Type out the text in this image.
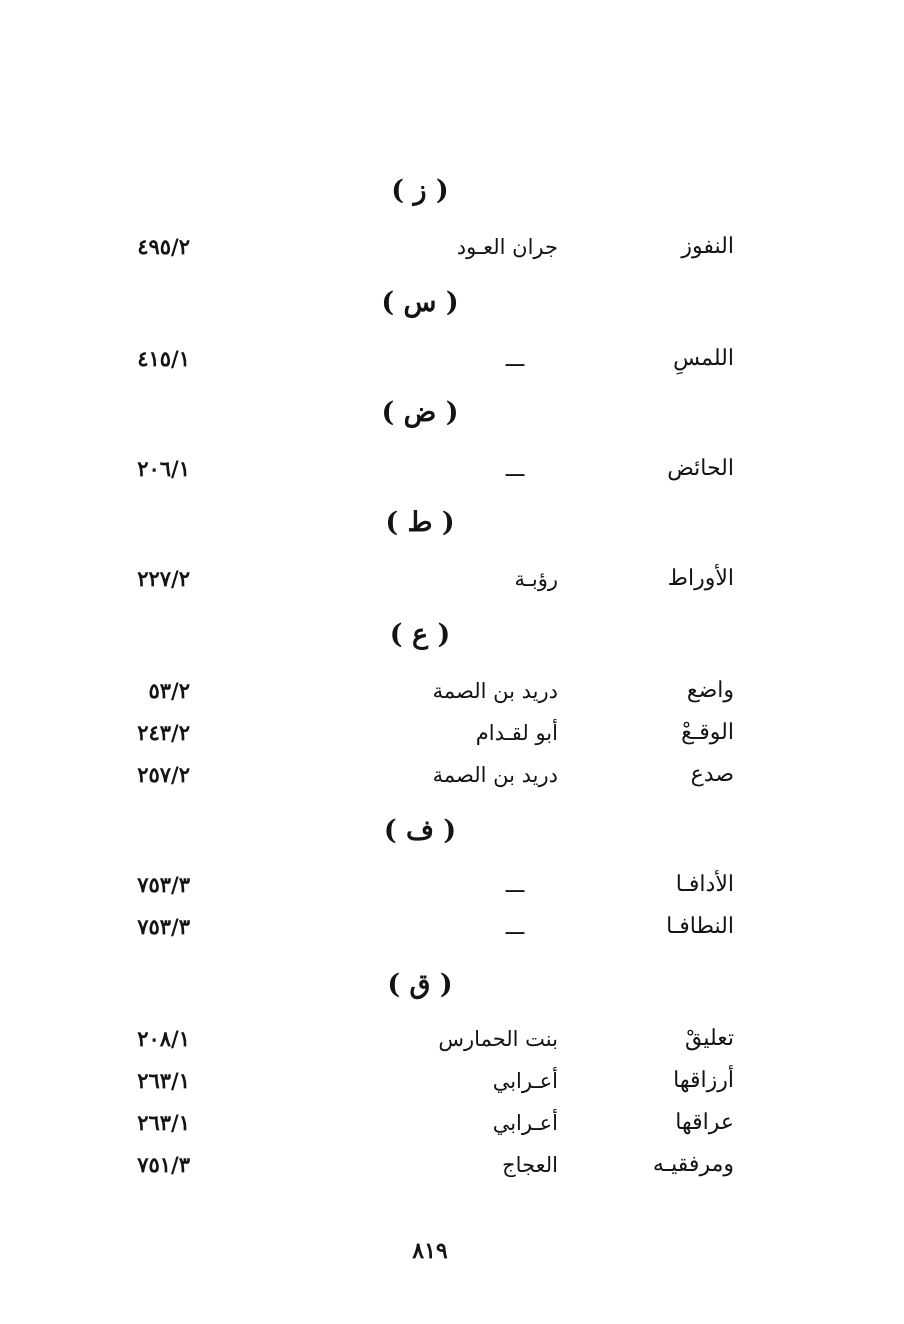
( ز )
النفوز
جران العـود
٤٩٥/٢
( س )
اللمسِ
ـــ
٤١٥/١
( ض )
الحائض
ـــ
٢٠٦/١
( ط )
الأوراط
رؤبـة
٢٢٧/٢
( ع )
واضع
دريد بن الصمة
٥٣/٢
الوقـعْ
أبو لقـدام
٢٤٣/٢
صدع
دريد بن الصمة
٢٥٧/٢
( ف )
الأدافـا
ـــ
٧٥٣/٣
النطافـا
ـــ
٧٥٣/٣
( ق )
تعليقْ
بنت الحمارس
٢٠٨/١
أرزاقها
أعـرابي
٢٦٣/١
عراقها
أعـرابي
٢٦٣/١
ومرفقيـه
العجاج
٧٥١/٣
٨١٩
